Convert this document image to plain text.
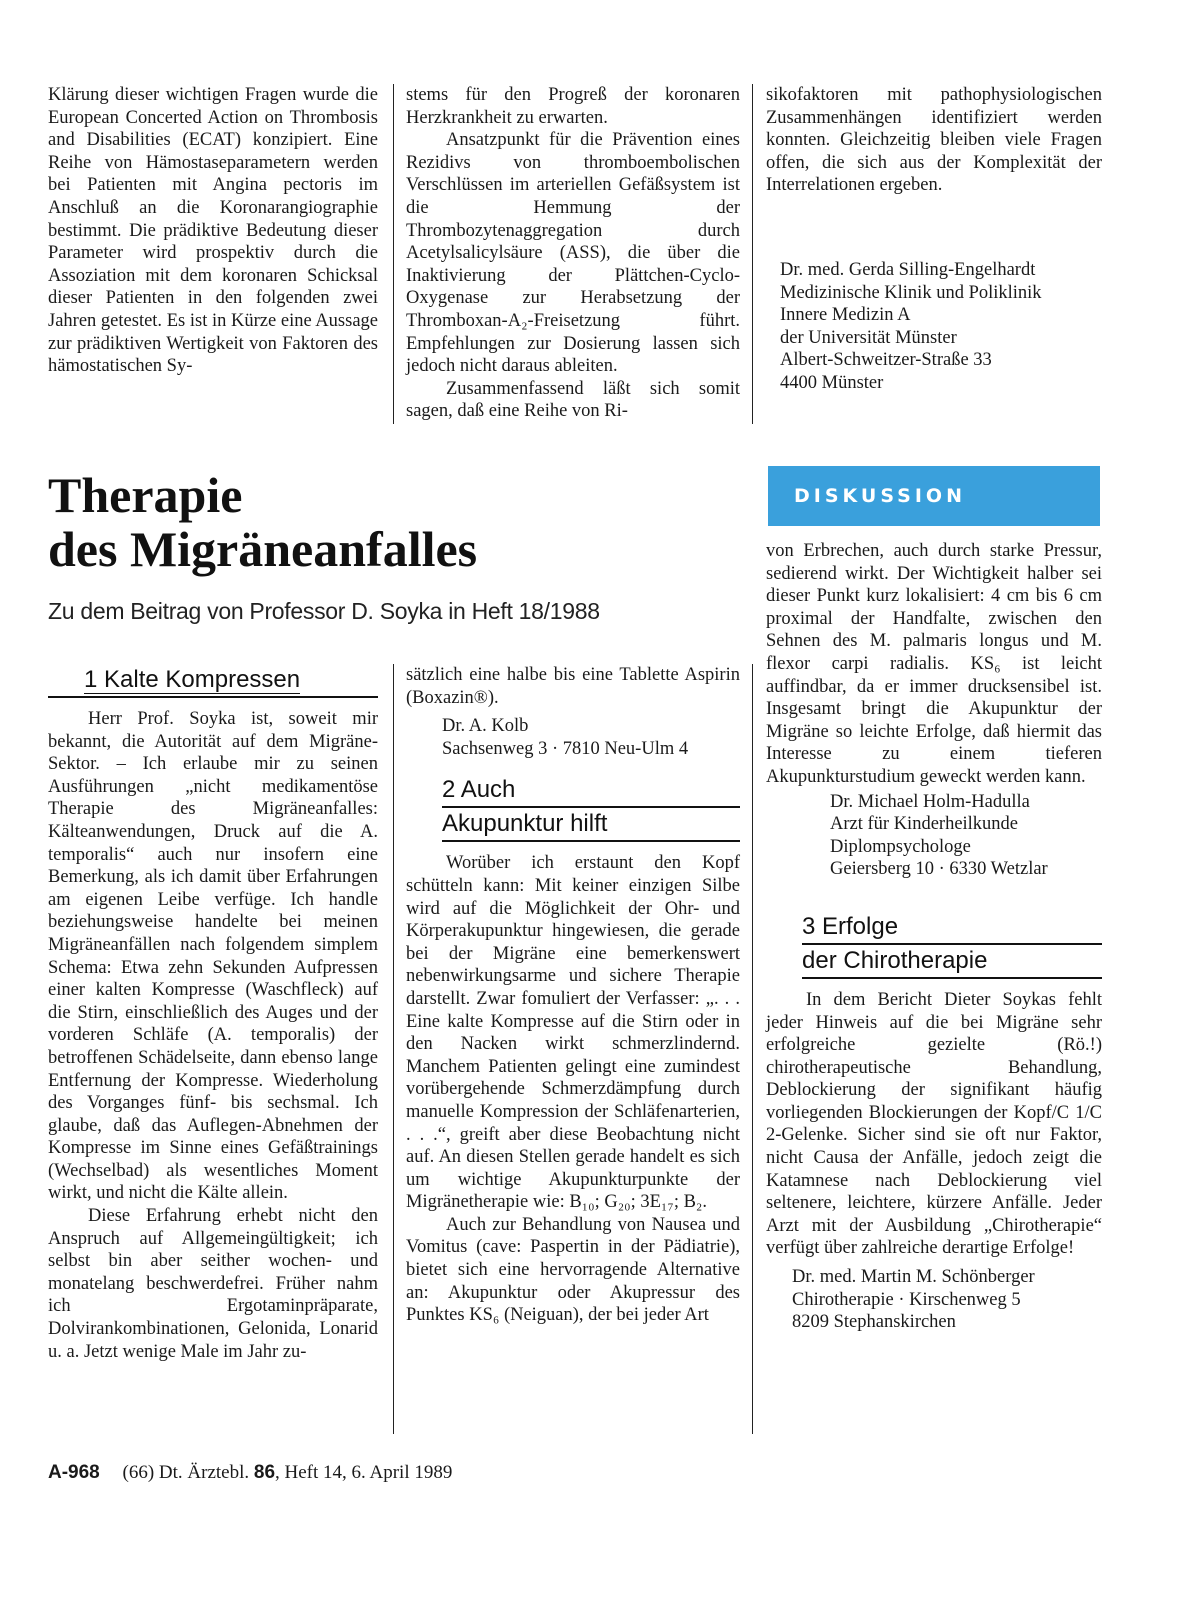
Klärung dieser wichtigen Fragen wurde die European Concerted Action on Thrombosis and Disabilities (ECAT) konzipiert. Eine Reihe von Hämostaseparametern werden bei Patienten mit Angina pectoris im Anschluß an die Koronarangiographie bestimmt. Die prädiktive Bedeutung dieser Parameter wird prospektiv durch die Assoziation mit dem koronaren Schicksal dieser Patienten in den folgenden zwei Jahren getestet. Es ist in Kürze eine Aussage zur prädiktiven Wertigkeit von Faktoren des hämostatischen Sy-

stems für den Progreß der koronaren Herzkrankheit zu erwarten.

Ansatzpunkt für die Prävention eines Rezidivs von thromboembolischen Verschlüssen im arteriellen Gefäßsystem ist die Hemmung der Thrombozytenaggregation durch Acetylsalicylsäure (ASS), die über die Inaktivierung der Plättchen-Cyclo-Oxygenase zur Herabsetzung der Thromboxan-A₂-Freisetzung führt. Empfehlungen zur Dosierung lassen sich jedoch nicht daraus ableiten.

Zusammenfassend läßt sich somit sagen, daß eine Reihe von Ri-

sikofaktoren mit pathophysiologischen Zusammenhängen identifiziert werden konnten. Gleichzeitig bleiben viele Fragen offen, die sich aus der Komplexität der Interrelationen ergeben.

Dr. med. Gerda Silling-Engelhardt
Medizinische Klinik und Poliklinik
Innere Medizin A
der Universität Münster
Albert-Schweitzer-Straße 33
4400 Münster
Therapie
des Migräneanfalles
Zu dem Beitrag von Professor D. Soyka in Heft 18/1988
DISKUSSION
1 Kalte Kompressen

Herr Prof. Soyka ist, soweit mir bekannt, die Autorität auf dem Migräne-Sektor. – Ich erlaube mir zu seinen Ausführungen „nicht medikamentöse Therapie des Migräneanfalles: Kälteanwendungen, Druck auf die A. temporalis“ auch nur insofern eine Bemerkung, als ich damit über Erfahrungen am eigenen Leibe verfüge. Ich handle beziehungsweise handelte bei meinen Migräneanfällen nach folgendem simplem Schema: Etwa zehn Sekunden Aufpressen einer kalten Kompresse (Waschfleck) auf die Stirn, einschließlich des Auges und der vorderen Schläfe (A. temporalis) der betroffenen Schädelseite, dann ebenso lange Entfernung der Kompresse. Wiederholung des Vorganges fünf- bis sechsmal. Ich glaube, daß das Auflegen-Abnehmen der Kompresse im Sinne eines Gefäßtrainings (Wechselbad) als wesentliches Moment wirkt, und nicht die Kälte allein.

Diese Erfahrung erhebt nicht den Anspruch auf Allgemeingültigkeit; ich selbst bin aber seither wochen- und monatelang beschwerdefrei. Früher nahm ich Ergotaminpräparate, Dolvirankombinationen, Gelonida, Lonarid u. a. Jetzt wenige Male im Jahr zu-

sätzlich eine halbe bis eine Tablette Aspirin (Boxazin®).

Dr. A. Kolb
Sachsenweg 3 · 7810 Neu-Ulm 4
2 Auch
Akupunktur hilft

Worüber ich erstaunt den Kopf schütteln kann: Mit keiner einzigen Silbe wird auf die Möglichkeit der Ohr- und Körperakupunktur hingewiesen, die gerade bei der Migräne eine bemerkenswert nebenwirkungsarme und sichere Therapie darstellt. Zwar fomuliert der Verfasser: „. . . Eine kalte Kompresse auf die Stirn oder in den Nacken wirkt schmerzlindernd. Manchem Patienten gelingt eine zumindest vorübergehende Schmerzdämpfung durch manuelle Kompression der Schläfenarterien, . . .“, greift aber diese Beobachtung nicht auf. An diesen Stellen gerade handelt es sich um wichtige Akupunkturpunkte der Migränetherapie wie: B₁₀; G₂₀; 3E₁₇; B₂.

Auch zur Behandlung von Nausea und Vomitus (cave: Paspertin in der Pädiatrie), bietet sich eine hervorragende Alternative an: Akupunktur oder Akupressur des Punktes KS₆ (Neiguan), der bei jeder Art

von Erbrechen, auch durch starke Pressur, sedierend wirkt. Der Wichtigkeit halber sei dieser Punkt kurz lokalisiert: 4 cm bis 6 cm proximal der Handfalte, zwischen den Sehnen des M. palmaris longus und M. flexor carpi radialis. KS₆ ist leicht auffindbar, da er immer drucksensibel ist. Insgesamt bringt die Akupunktur der Migräne so leichte Erfolge, daß hiermit das Interesse zu einem tieferen Akupunkturstudium geweckt werden kann.

Dr. Michael Holm-Hadulla
Arzt für Kinderheilkunde
Diplompsychologe
Geiersberg 10 · 6330 Wetzlar
3 Erfolge
der Chirotherapie

In dem Bericht Dieter Soykas fehlt jeder Hinweis auf die bei Migräne sehr erfolgreiche gezielte (Rö.!) chirotherapeutische Behandlung, Deblockierung der signifikant häufig vorliegenden Blockierungen der Kopf/C 1/C 2-Gelenke. Sicher sind sie oft nur Faktor, nicht Causa der Anfälle, jedoch zeigt die Katamnese nach Deblockierung viel seltenere, leichtere, kürzere Anfälle. Jeder Arzt mit der Ausbildung „Chirotherapie“ verfügt über zahlreiche derartige Erfolge!

Dr. med. Martin M. Schönberger
Chirotherapie · Kirschenweg 5
8209 Stephanskirchen
A-968 (66) Dt. Ärztebl. 86, Heft 14, 6. April 1989
